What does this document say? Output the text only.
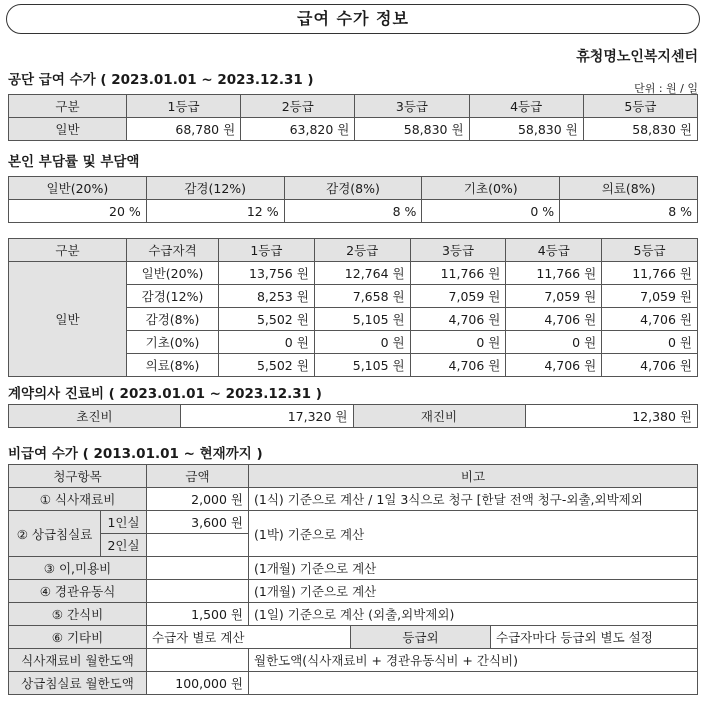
급여 수가 정보
휴청명노인복지센터
공단 급여 수가 ( 2023.01.01 ~ 2023.12.31 )
단위 : 원 / 일
구분	1등급	2등급	3등급	4등급	5등급
일반	68,780 원	63,820 원	58,830 원	58,830 원	58,830 원
본인 부담률 및 부담액
일반(20%)	감경(12%)	감경(8%)	기초(0%)	의료(8%)
20 %	12 %	8 %	0 %	8 %
구분	수급자격	1등급	2등급	3등급	4등급	5등급
일반	일반(20%)	13,756 원	12,764 원	11,766 원	11,766 원	11,766 원
	감경(12%)	8,253 원	7,658 원	7,059 원	7,059 원	7,059 원
	감경(8%)	5,502 원	5,105 원	4,706 원	4,706 원	4,706 원
	기초(0%)	0 원	0 원	0 원	0 원	0 원
	의료(8%)	5,502 원	5,105 원	4,706 원	4,706 원	4,706 원
계약의사 진료비 ( 2023.01.01 ~ 2023.12.31 )
초진비	17,320 원	재진비	12,380 원
비급여 수가 ( 2013.01.01 ~ 현재까지 )
청구항목		금액	비고		
① 식사재료비		2,000 원	(1식) 기준으로 계산 / 1일 3식으로 청구 [한달 전액 청구-외출,외박제외		
② 상급침실료	1인실	3,600 원	(1박) 기준으로 계산		
	2인실				
③ 이,미용비			(1개월) 기준으로 계산		
④ 경관유동식			(1개월) 기준으로 계산		
⑤ 간식비		1,500 원	(1일) 기준으로 계산 (외출,외박제외)		
⑥ 기타비		수급자 별로 계산		등급외	수급자마다 등급외 별도 설정
식사재료비 월한도액			월한도액(식사재료비 + 경관유동식비 + 간식비)		
상급침실료 월한도액		100,000 원			
